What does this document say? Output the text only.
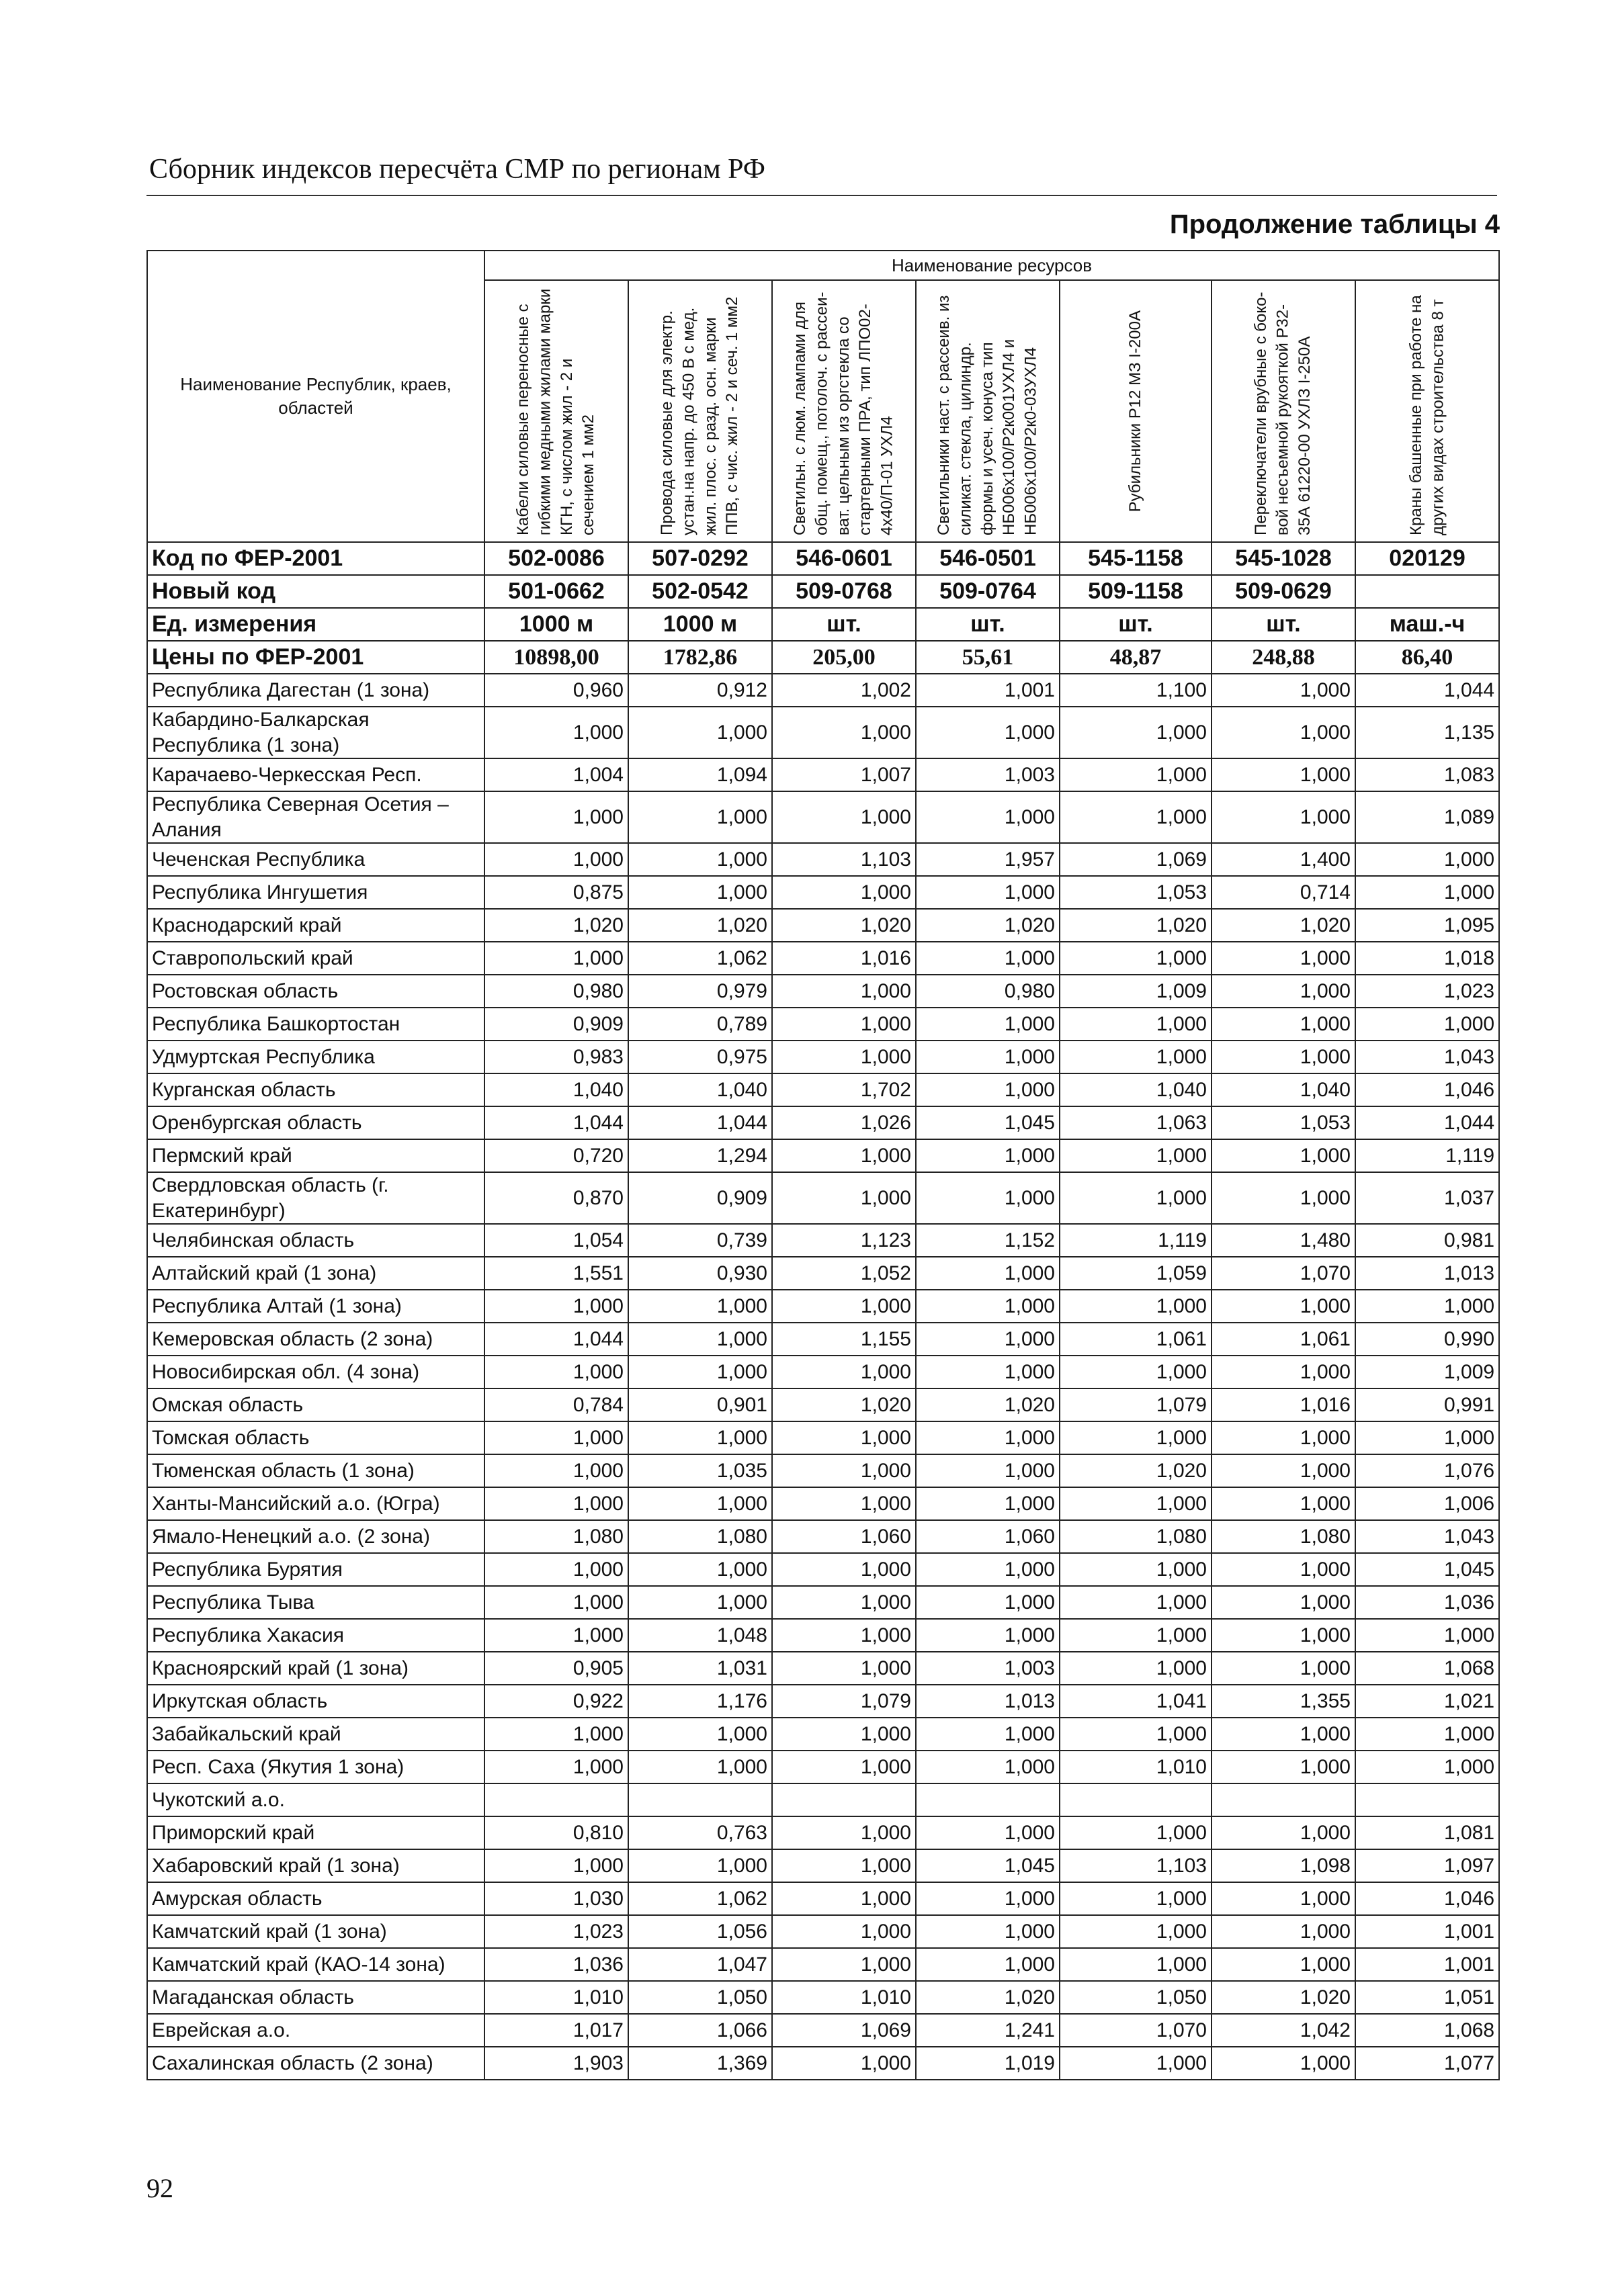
Сборник индексов пересчёта СМР по регионам РФ
Продолжение таблицы 4
Наименование Республик, краев, областей	Наименование ресурсов						

	Кабели силовые переносные с гибкими медными жилами марки КГН, с числом жил - 2 и сечением 1 мм2	Провода силовые для электр. устан.на напр. до 450 В с мед. жил. плос. с разд. осн. марки ППВ, с чис. жил - 2 и сеч. 1 мм2	Светильн. с люм. лампами для общ. помещ., потолоч. с рассеи-ват. цельным из оргстекла со стартерными ПРА, тип ЛПО02-4х40/П-01 УХЛ4	Светильники наст. с рассеив. из силикат. стекла, цилиндр. формы и усеч. конуса тип НБ006х100/Р2к001УХЛ4 и НБ006х100/Р2к0-03УХЛ4	Рубильники Р12 МЗ I-200А	Переключатели врубные с боко-вой несъемной рукояткой Р32-35А 61220-00 УХЛЗ I-250А	Краны башенные при работе на других видах строительства 8 т

Код по ФЕР-2001	502-0086	507-0292	546-0601	546-0501	545-1158	545-1028	020129
Новый код	501-0662	502-0542	509-0768	509-0764	509-1158	509-0629	
Ед. измерения	1000 м	1000 м	шт.	шт.	шт.	шт.	маш.-ч
Цены по ФЕР-2001	10898,00	1782,86	205,00	55,61	48,87	248,88	86,40
Республика Дагестан (1 зона)	0,960	0,912	1,002	1,001	1,100	1,000	1,044
Кабардино-Балкарская Республика (1 зона)	1,000	1,000	1,000	1,000	1,000	1,000	1,135
Карачаево-Черкесская Респ.	1,004	1,094	1,007	1,003	1,000	1,000	1,083
Республика Северная Осетия – Алания	1,000	1,000	1,000	1,000	1,000	1,000	1,089
Чеченская Республика	1,000	1,000	1,103	1,957	1,069	1,400	1,000
Республика Ингушетия	0,875	1,000	1,000	1,000	1,053	0,714	1,000
Краснодарский край	1,020	1,020	1,020	1,020	1,020	1,020	1,095
Ставропольский край	1,000	1,062	1,016	1,000	1,000	1,000	1,018
Ростовская область	0,980	0,979	1,000	0,980	1,009	1,000	1,023
Республика Башкортостан	0,909	0,789	1,000	1,000	1,000	1,000	1,000
Удмуртская Республика	0,983	0,975	1,000	1,000	1,000	1,000	1,043
Курганская область	1,040	1,040	1,702	1,000	1,040	1,040	1,046
Оренбургская область	1,044	1,044	1,026	1,045	1,063	1,053	1,044
Пермский край	0,720	1,294	1,000	1,000	1,000	1,000	1,119
Свердловская область (г. Екатеринбург)	0,870	0,909	1,000	1,000	1,000	1,000	1,037
Челябинская область	1,054	0,739	1,123	1,152	1,119	1,480	0,981
Алтайский край (1 зона)	1,551	0,930	1,052	1,000	1,059	1,070	1,013
Республика Алтай (1 зона)	1,000	1,000	1,000	1,000	1,000	1,000	1,000
Кемеровская область (2 зона)	1,044	1,000	1,155	1,000	1,061	1,061	0,990
Новосибирская обл. (4 зона)	1,000	1,000	1,000	1,000	1,000	1,000	1,009
Омская область	0,784	0,901	1,020	1,020	1,079	1,016	0,991
Томская область	1,000	1,000	1,000	1,000	1,000	1,000	1,000
Тюменская область (1 зона)	1,000	1,035	1,000	1,000	1,020	1,000	1,076
Ханты-Мансийский а.о. (Югра)	1,000	1,000	1,000	1,000	1,000	1,000	1,006
Ямало-Ненецкий а.о. (2 зона)	1,080	1,080	1,060	1,060	1,080	1,080	1,043
Республика Бурятия	1,000	1,000	1,000	1,000	1,000	1,000	1,045
Республика Тыва	1,000	1,000	1,000	1,000	1,000	1,000	1,036
Республика Хакасия	1,000	1,048	1,000	1,000	1,000	1,000	1,000
Красноярский край (1 зона)	0,905	1,031	1,000	1,003	1,000	1,000	1,068
Иркутская область	0,922	1,176	1,079	1,013	1,041	1,355	1,021
Забайкальский край	1,000	1,000	1,000	1,000	1,000	1,000	1,000
Респ. Саха (Якутия 1 зона)	1,000	1,000	1,000	1,000	1,010	1,000	1,000
Чукотский а.о.							
Приморский край	0,810	0,763	1,000	1,000	1,000	1,000	1,081
Хабаровский край (1 зона)	1,000	1,000	1,000	1,045	1,103	1,098	1,097
Амурская область	1,030	1,062	1,000	1,000	1,000	1,000	1,046
Камчатский край (1 зона)	1,023	1,056	1,000	1,000	1,000	1,000	1,001
Камчатский край (КАО-14 зона)	1,036	1,047	1,000	1,000	1,000	1,000	1,001
Магаданская область	1,010	1,050	1,010	1,020	1,050	1,020	1,051
Еврейская а.о.	1,017	1,066	1,069	1,241	1,070	1,042	1,068
Сахалинская область (2 зона)	1,903	1,369	1,000	1,019	1,000	1,000	1,077
92
